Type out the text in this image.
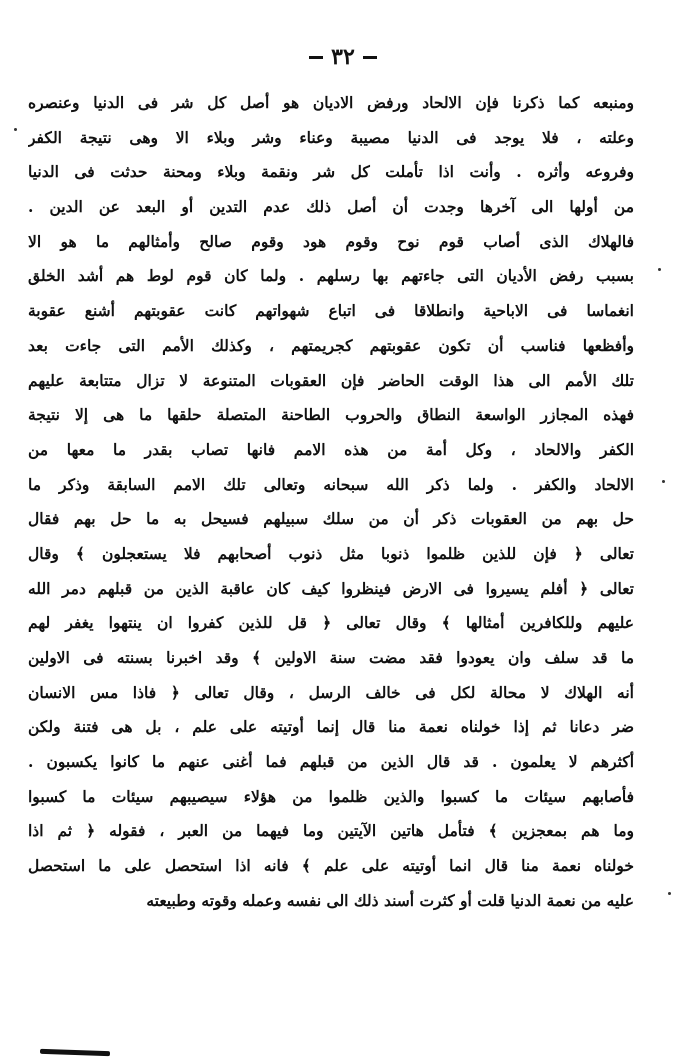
٣٢
ومنبعه كما ذكرنا فإن الالحاد ورفض الاديان هو أصل كل شر فى الدنيا وعنصره
وعلته ، فلا يوجد فى الدنيا مصيبة وعناء وشر وبلاء الا وهى نتيجة الكفر
وفروعه وأثره . وأنت اذا تأملت كل شر ونقمة وبلاء ومحنة حدثت فى الدنيا
من أولها الى آخرها وجدت أن أصل ذلك عدم التدين أو البعد عن الدين .
فالهلاك الذى أصاب قوم نوح وقوم هود وقوم صالح وأمثالهم ما هو الا
بسبب رفض الأديان التى جاءتهم بها رسلهم . ولما كان قوم لوط هم أشد الخلق
انغماسا فى الاباحية وانطلاقا فى اتباع شهواتهم كانت عقوبتهم أشنع عقوبة
وأفظعها فناسب أن تكون عقوبتهم كجريمتهم ، وكذلك الأمم التى جاءت بعد
تلك الأمم الى هذا الوقت الحاضر فإن العقوبات المتنوعة لا تزال متتابعة عليهم
فهذه المجازر الواسعة النطاق والحروب الطاحنة المتصلة حلقها ما هى إلا نتيجة
الكفر والالحاد ، وكل أمة من هذه الامم فانها تصاب بقدر ما معها من
الالحاد والكفر . ولما ذكر الله سبحانه وتعالى تلك الامم السابقة وذكر ما
حل بهم من العقوبات ذكر أن من سلك سبيلهم فسيحل به ما حل بهم فقال
تعالى ﴿ فإن للذين ظلموا ذنوبا مثل ذنوب أصحابهم فلا يستعجلون ﴾ وقال
تعالى ﴿ أفلم يسيروا فى الارض فينظروا كيف كان عاقبة الذين من قبلهم دمر الله
عليهم وللكافرين أمثالها ﴾ وقال تعالى ﴿ قل للذين كفروا ان ينتهوا يغفر لهم
ما قد سلف وان يعودوا فقد مضت سنة الاولين ﴾ وقد اخبرنا بسنته فى الاولين
أنه الهلاك لا محالة لكل فى خالف الرسل ، وقال تعالى ﴿ فاذا مس الانسان
ضر دعانا ثم إذا خولناه نعمة منا قال إنما أوتيته على علم ، بل هى فتنة ولكن
أكثرهم لا يعلمون . قد قال الذين من قبلهم فما أغنى عنهم ما كانوا يكسبون .
فأصابهم سيئات ما كسبوا والذين ظلموا من هؤلاء سيصيبهم سيئات ما كسبوا
وما هم بمعجزين ﴾ فتأمل هاتين الآيتين وما فيهما من العبر ، فقوله ﴿ ثم اذا
خولناه نعمة منا قال انما أوتيته على علم ﴾ فانه اذا استحصل على ما استحصل
عليه من نعمة الدنيا قلت أو كثرت أسند ذلك الى نفسه وعمله وقوته وطبيعته
